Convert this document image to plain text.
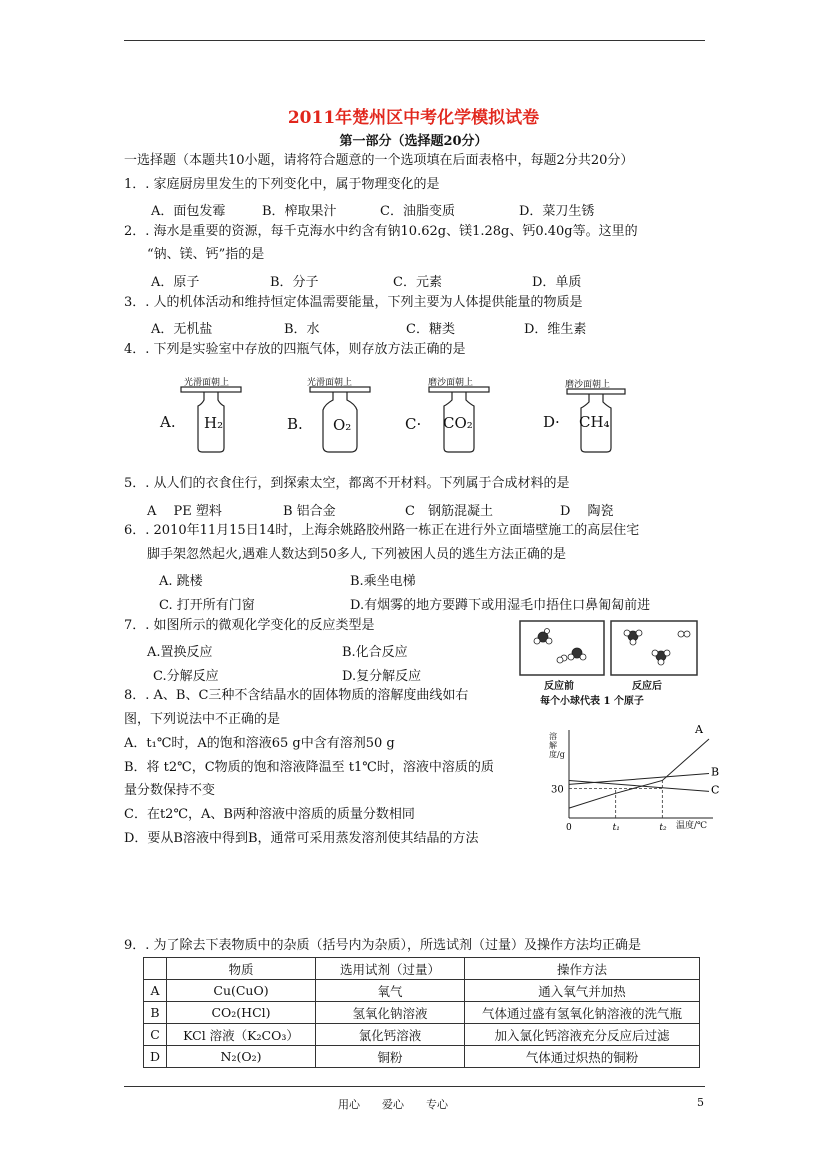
2011年楚州区中考化学模拟试卷
第一部分（选择题20分）
一选择题（本题共10小题，请将符合题意的一个选项填在后面表格中，每题2分共20分）
1．. 家庭厨房里发生的下列变化中，属于物理变化的是
A．面包发霉	B．榨取果汁	C．油脂变质	D．菜刀生锈
2．. 海水是重要的资源，每千克海水中约含有钠10.62g、镁1.28g、钙0.40g等。这里的
“钠、镁、钙”指的是
A．原子	B．分子	C．元素	D．单质
3．. 人的机体活动和维持恒定体温需要能量，下列主要为人体提供能量的物质是
A．无机盐	B．水	C．糖类	D．维生素
4．. 下列是实验室中存放的四瓶气体，则存放方法正确的是
A.
光滑面朝上
H₂	B.
光滑面朝上
O₂	C·
磨沙面朝上
CO₂	D·
磨沙面朝上
CH₄
5．. 从人们的衣食住行，到探索太空，都离不开材料。下列属于合成材料的是
A　 PE 塑料	B 铝合金	C　钢筋混凝土	D　 陶瓷
6．. 2010年11月15日14时，上海余姚路胶州路一栋正在进行外立面墙壁施工的高层住宅
脚手架忽然起火,遇难人数达到50多人, 下列被困人员的逃生方法正确的是
A. 跳楼	B.乘坐电梯
C. 打开所有门窗	D.有烟雾的地方要蹲下或用湿毛巾捂住口鼻匍匐前进
7．. 如图所示的微观化学变化的反应类型是
A.置换反应	B.化合反应
C.分解反应	D.复分解反应
反应前	反应后
每个小球代表 1 个原子
8．. A、B、C三种不含结晶水的固体物质的溶解度曲线如右
图，下列说法中不正确的是
A．t₁℃时，A的饱和溶液65 g中含有溶剂50 g
B．将 t2℃，C物质的饱和溶液降温至 t1℃时，溶液中溶质的质
量分数保持不变
C．在t2℃，A、B两种溶液中溶质的质量分数相同
D．要从B溶液中得到B，通常可采用蒸发溶剂使其结晶的方法
A
B
C
30
0	t₁	t₂
溶解度/g
温度/℃
9．. 为了除去下表物质中的杂质（括号内为杂质），所选试剂（过量）及操作方法均正确是
	物质	选用试剂（过量）	操作方法
A	Cu(CuO)	氧气	通入氧气并加热
B	CO₂(HCl)	氢氧化钠溶液	气体通过盛有氢氧化钠溶液的洗气瓶
C	KCl 溶液（K₂CO₃）	氯化钙溶液	加入氯化钙溶液充分反应后过滤
D	N₂(O₂)	铜粉	气体通过炽热的铜粉
用心　　爱心　　专心	5
